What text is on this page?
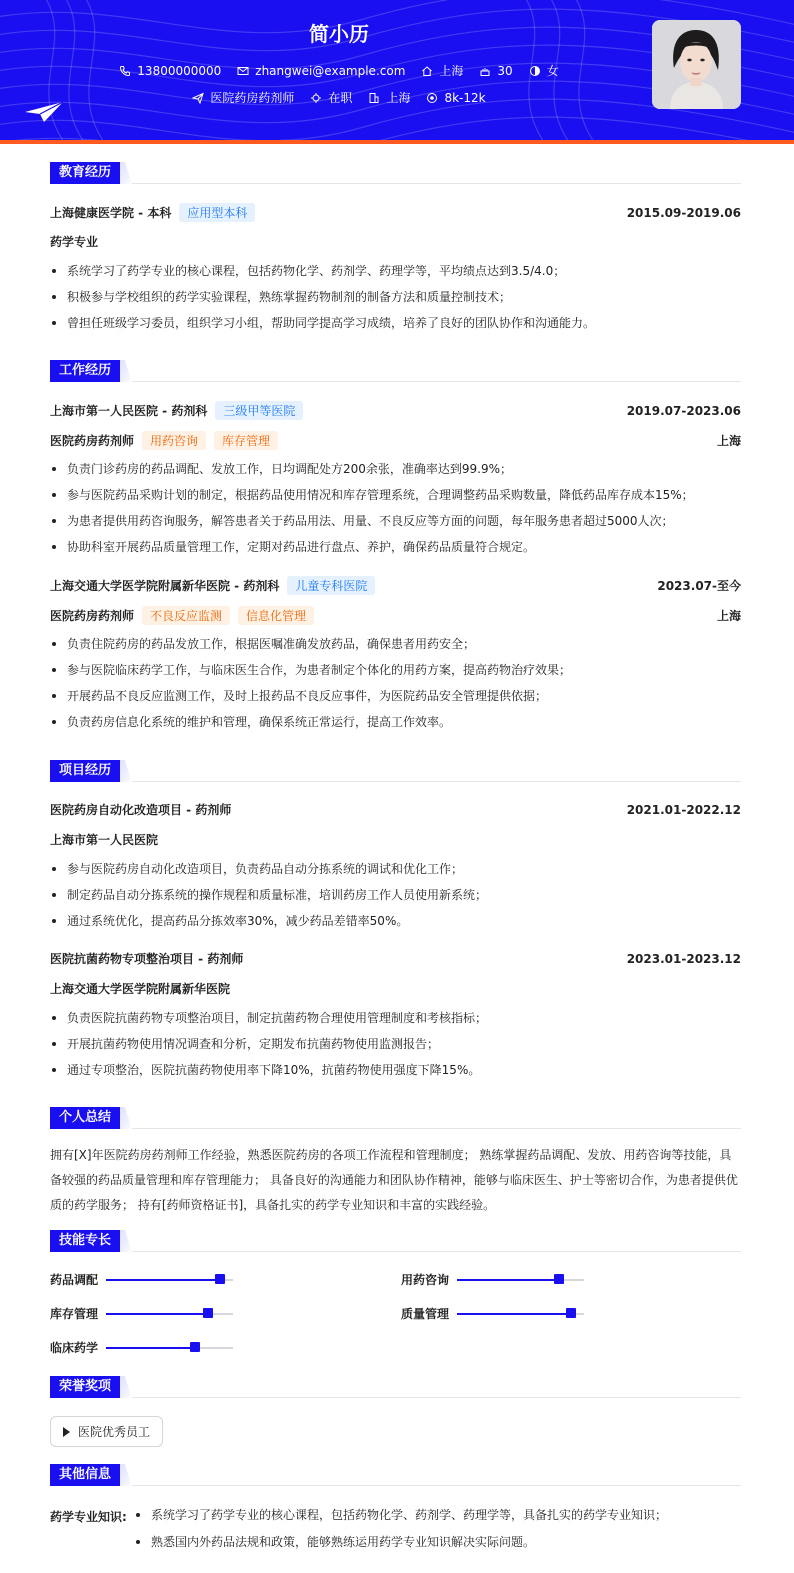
简小历
13800000000	zhangwei@example.com	上海	30	女
医院药房药剂师	在职	上海	8k-12k
教育经历
上海健康医学院 - 本科	应用型本科	2015.09-2019.06
药学专业
系统学习了药学专业的核心课程，包括药物化学、药剂学、药理学等，平均绩点达到3.5/4.0；
积极参与学校组织的药学实验课程，熟练掌握药物制剂的制备方法和质量控制技术；
曾担任班级学习委员，组织学习小组，帮助同学提高学习成绩，培养了良好的团队协作和沟通能力。
工作经历
上海市第一人民医院 - 药剂科	三级甲等医院	2019.07-2023.06
医院药房药剂师	用药咨询	库存管理	上海
负责门诊药房的药品调配、发放工作，日均调配处方200余张，准确率达到99.9%；
参与医院药品采购计划的制定，根据药品使用情况和库存管理系统，合理调整药品采购数量，降低药品库存成本15%；
为患者提供用药咨询服务，解答患者关于药品用法、用量、不良反应等方面的问题，每年服务患者超过5000人次；
协助科室开展药品质量管理工作，定期对药品进行盘点、养护，确保药品质量符合规定。
上海交通大学医学院附属新华医院 - 药剂科	儿童专科医院	2023.07-至今
医院药房药剂师	不良反应监测	信息化管理	上海
负责住院药房的药品发放工作，根据医嘱准确发放药品，确保患者用药安全；
参与医院临床药学工作，与临床医生合作，为患者制定个体化的用药方案，提高药物治疗效果；
开展药品不良反应监测工作，及时上报药品不良反应事件，为医院药品安全管理提供依据；
负责药房信息化系统的维护和管理，确保系统正常运行，提高工作效率。
项目经历
医院药房自动化改造项目 - 药剂师	2021.01-2022.12
上海市第一人民医院
参与医院药房自动化改造项目，负责药品自动分拣系统的调试和优化工作；
制定药品自动分拣系统的操作规程和质量标准，培训药房工作人员使用新系统；
通过系统优化，提高药品分拣效率30%，减少药品差错率50%。
医院抗菌药物专项整治项目 - 药剂师	2023.01-2023.12
上海交通大学医学院附属新华医院
负责医院抗菌药物专项整治项目，制定抗菌药物合理使用管理制度和考核指标；
开展抗菌药物使用情况调查和分析，定期发布抗菌药物使用监测报告；
通过专项整治，医院抗菌药物使用率下降10%，抗菌药物使用强度下降15%。
个人总结
拥有[X]年医院药房药剂师工作经验，熟悉医院药房的各项工作流程和管理制度； 熟练掌握药品调配、发放、用药咨询等技能，具备较强的药品质量管理和库存管理能力； 具备良好的沟通能力和团队协作精神，能够与临床医生、护士等密切合作，为患者提供优质的药学服务； 持有[药师资格证书]，具备扎实的药学专业知识和丰富的实践经验。
技能专长
药品调配	用药咨询
库存管理	质量管理
临床药学
荣誉奖项
医院优秀员工
其他信息
药学专业知识:	系统学习了药学专业的核心课程，包括药物化学、药剂学、药理学等，具备扎实的药学专业知识；
熟悉国内外药品法规和政策，能够熟练运用药学专业知识解决实际问题。
